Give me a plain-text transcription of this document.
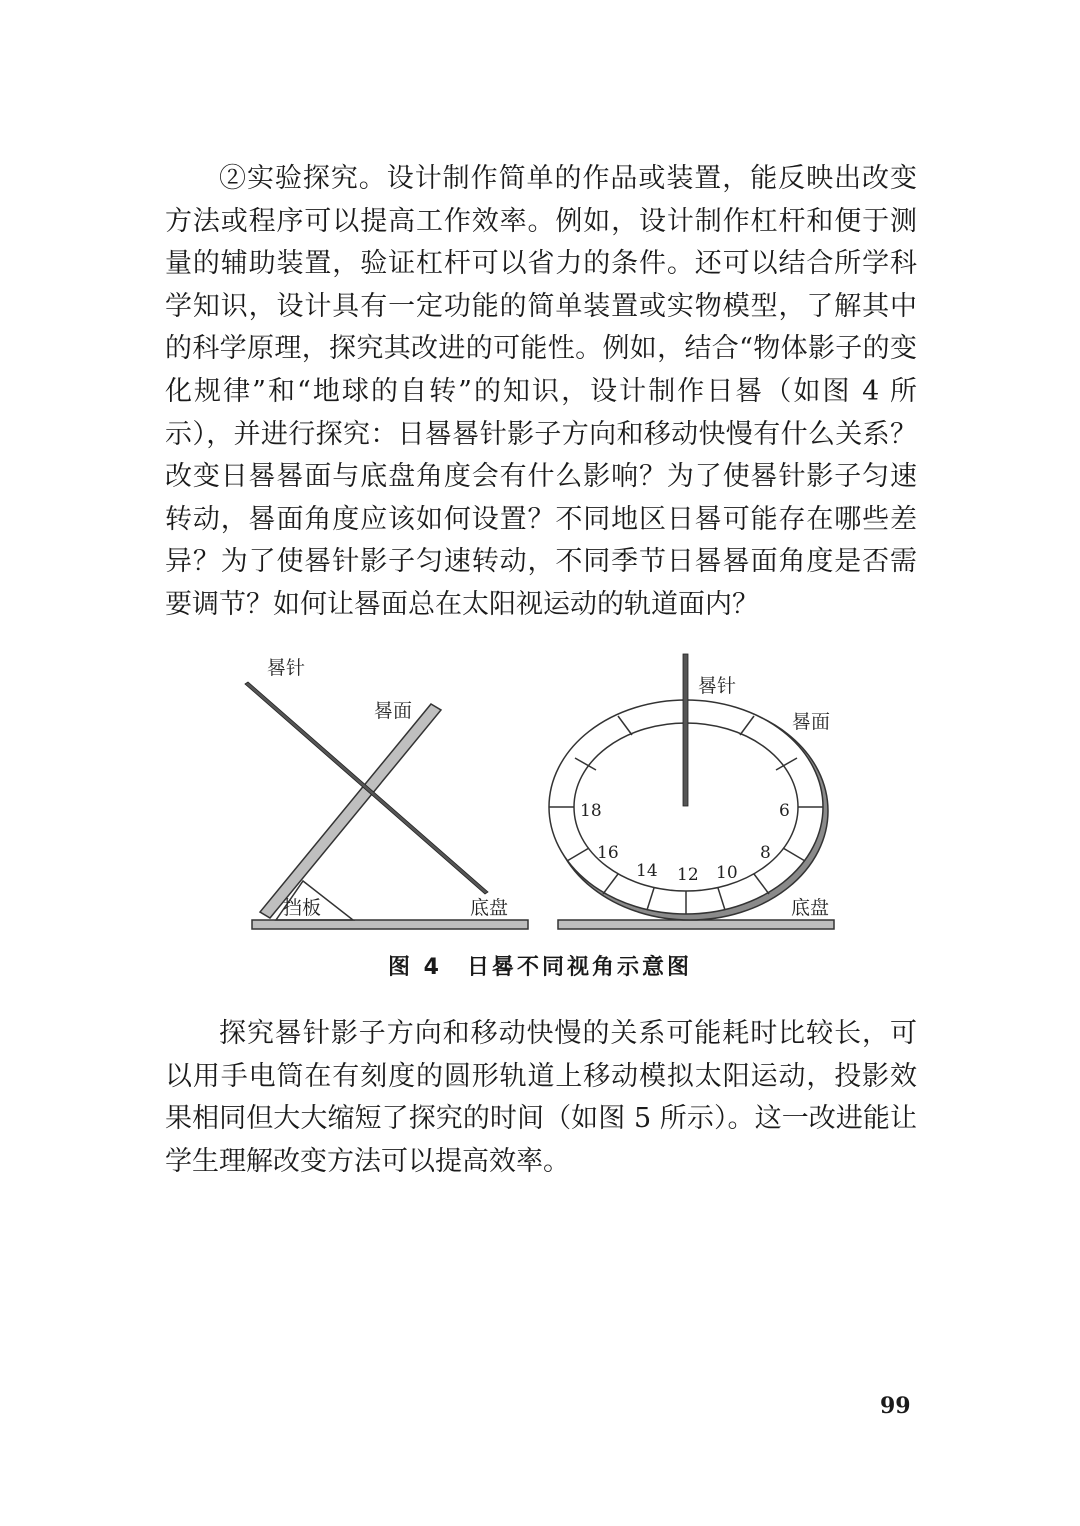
②实验探究。设计制作简单的作品或装置，能反映出改变方法或程序可以提高工作效率。例如，设计制作杠杆和便于测量的辅助装置，验证杠杆可以省力的条件。还可以结合所学科学知识，设计具有一定功能的简单装置或实物模型，了解其中的科学原理，探究其改进的可能性。例如，结合“物体影子的变化规律”和“地球的自转”的知识，设计制作日晷（如图 4 所示），并进行探究：日晷晷针影子方向和移动快慢有什么关系？改变日晷晷面与底盘角度会有什么影响？为了使晷针影子匀速转动，晷面角度应该如何设置？不同地区日晷可能存在哪些差异？为了使晷针影子匀速转动，不同季节日晷晷面角度是否需要调节？如何让晷面总在太阳视运动的轨道面内？

晷针
晷面
挡板	底盘
18	6
16	8
14 12 10
晷针
晷面
底盘
图 4　日晷不同视角示意图

探究晷针影子方向和移动快慢的关系可能耗时比较长，可以用手电筒在有刻度的圆形轨道上移动模拟太阳运动，投影效果相同但大大缩短了探究的时间（如图 5 所示）。这一改进能让学生理解改变方法可以提高效率。

99
